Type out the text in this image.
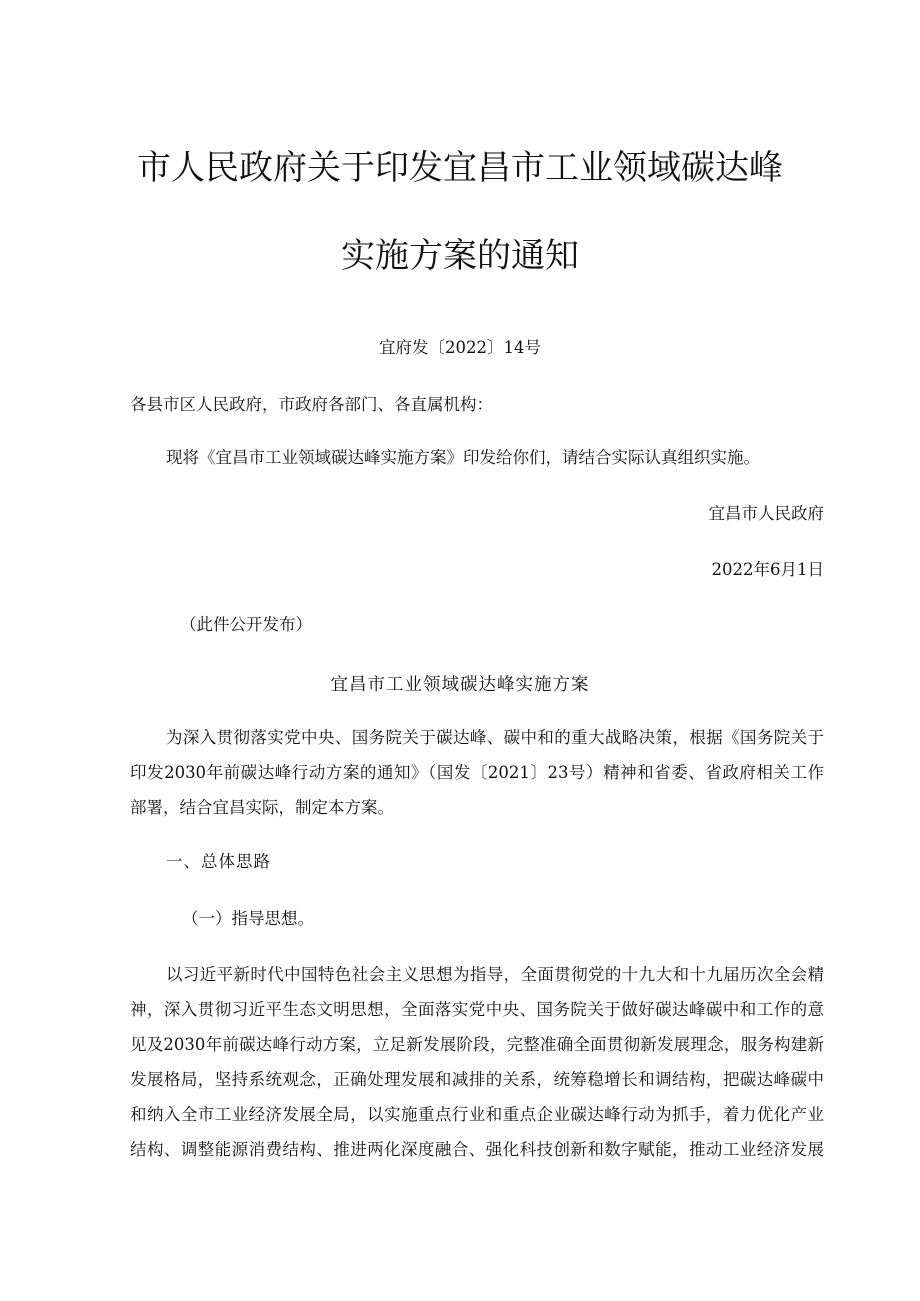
市人民政府关于印发宜昌市工业领域碳达峰
实施方案的通知
宜府发〔2022〕14号
各县市区人民政府，市政府各部门、各直属机构：
现将《宜昌市工业领域碳达峰实施方案》印发给你们，请结合实际认真组织实施。
宜昌市人民政府
2022年6月1日
（此件公开发布）
宜昌市工业领域碳达峰实施方案
为深入贯彻落实党中央、国务院关于碳达峰、碳中和的重大战略决策，根据《国务院关于
印发2030年前碳达峰行动方案的通知》（国发〔2021〕23号）精神和省委、省政府相关工作
部署，结合宜昌实际，制定本方案。
一、总体思路
（一）指导思想。
以习近平新时代中国特色社会主义思想为指导，全面贯彻党的十九大和十九届历次全会精
神，深入贯彻习近平生态文明思想，全面落实党中央、国务院关于做好碳达峰碳中和工作的意
见及2030年前碳达峰行动方案，立足新发展阶段，完整准确全面贯彻新发展理念，服务构建新
发展格局，坚持系统观念，正确处理发展和减排的关系，统筹稳增长和调结构，把碳达峰碳中
和纳入全市工业经济发展全局，以实施重点行业和重点企业碳达峰行动为抓手，着力优化产业
结构、调整能源消费结构、推进两化深度融合、强化科技创新和数字赋能，推动工业经济发展
